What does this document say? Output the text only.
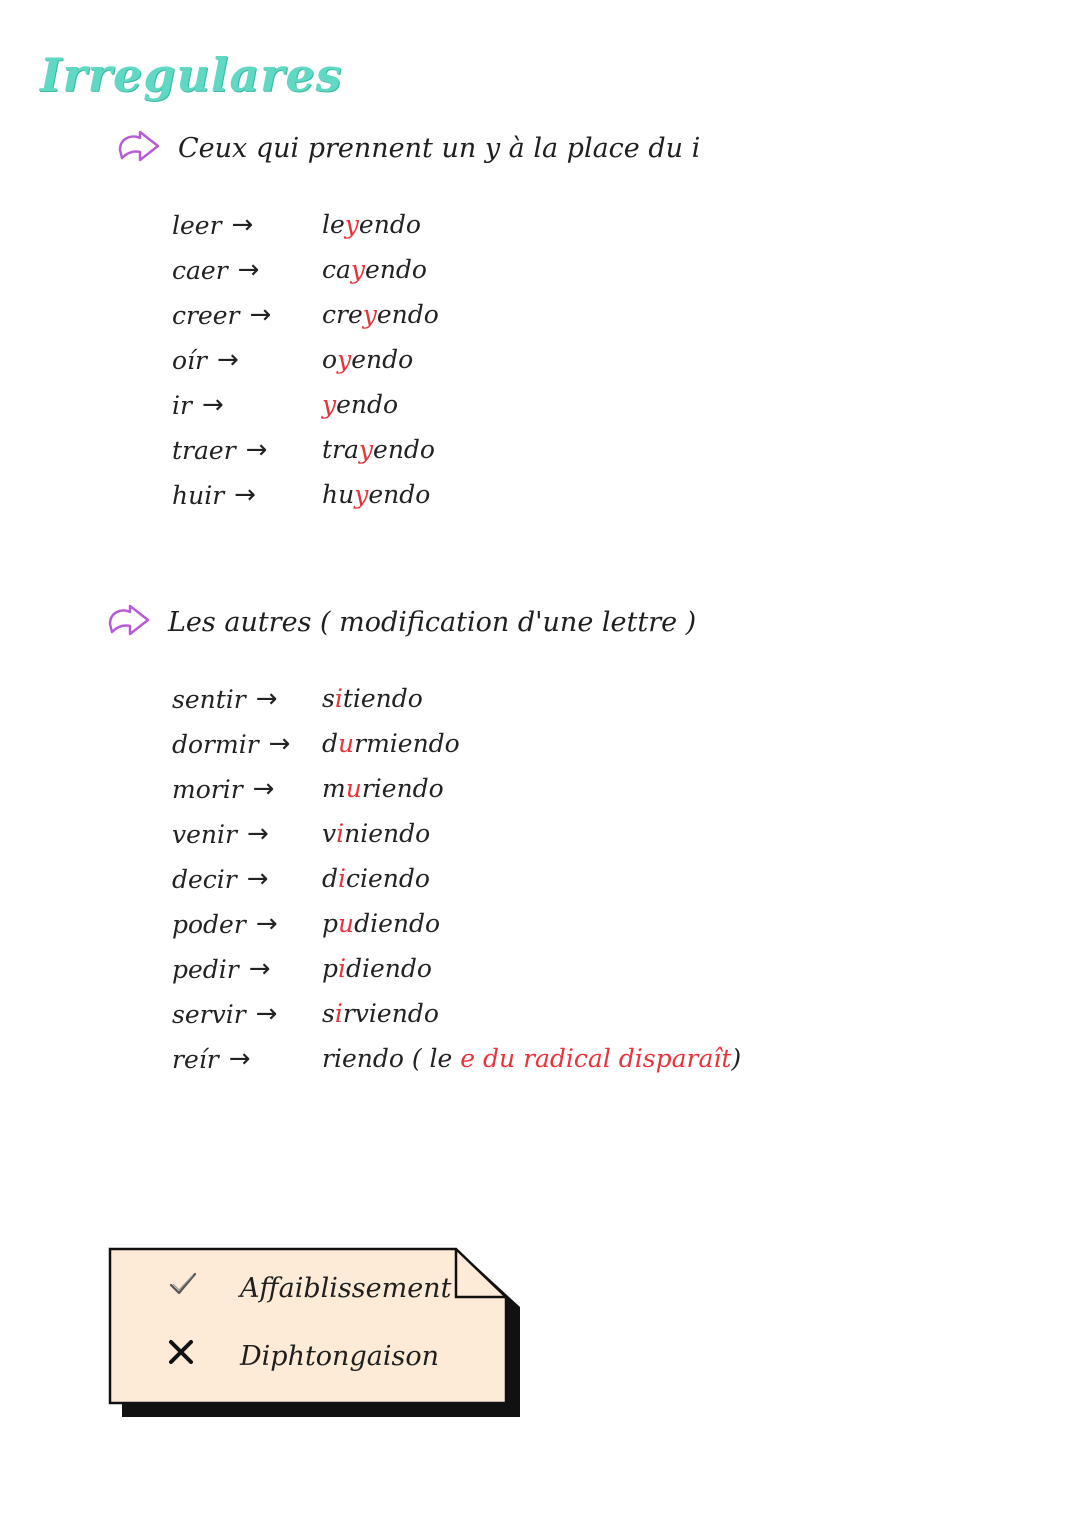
Irregulares
Ceux qui prennent un y à la place du i
leer →	leyendo
caer →	cayendo
creer → creyendo
oír →	oyendo
ir →	yendo
traer → trayendo
huir →	huyendo
Les autres ( modification d'une lettre )
sentir → sitiendo
dormir → durmiendo
morir → muriendo
venir → viniendo
decir → diciendo
poder → pudiendo
pedir → pidiendo
servir → sirviendo
reír →	riendo ( le e du radical disparaît)
Affaiblissement
Diphtongaison
